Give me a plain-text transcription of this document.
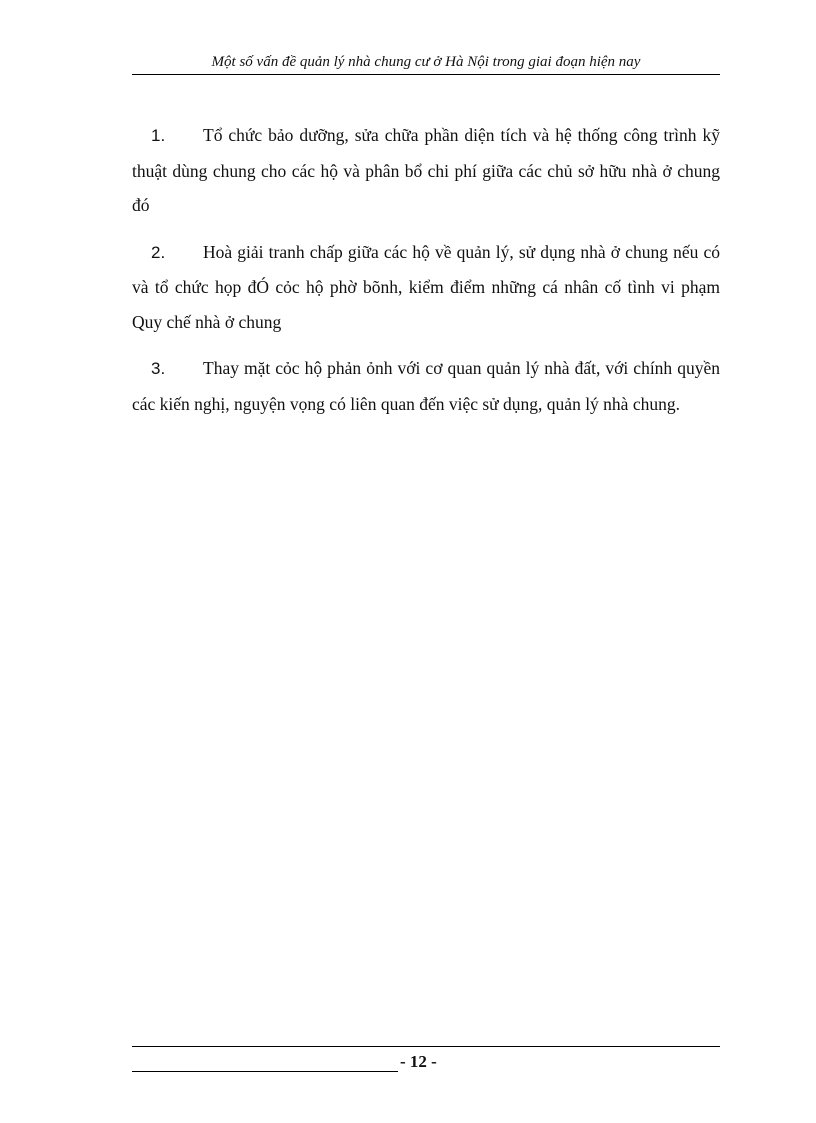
Một số vấn đề quản lý nhà chung cư ở Hà Nội trong giai đoạn hiện nay

1. Tổ chức bảo dưỡng, sửa chữa phần diện tích và hệ thống công trình kỹ thuật dùng chung cho các hộ và phân bổ chi phí giữa các chủ sở hữu nhà ở chung đó

2. Hoà giải tranh chấp giữa các hộ về quản lý, sử dụng nhà ở chung nếu có và tổ chức họp đÓ cỏc hộ phờ bõnh, kiểm điểm những cá nhân cố tình vi phạm Quy chế nhà ở chung

3. Thay mặt cỏc hộ phản ỏnh với cơ quan quản lý nhà đất, với chính quyền các kiến nghị, nguyện vọng có liên quan đến việc sử dụng, quản lý nhà chung.

- 12 -
